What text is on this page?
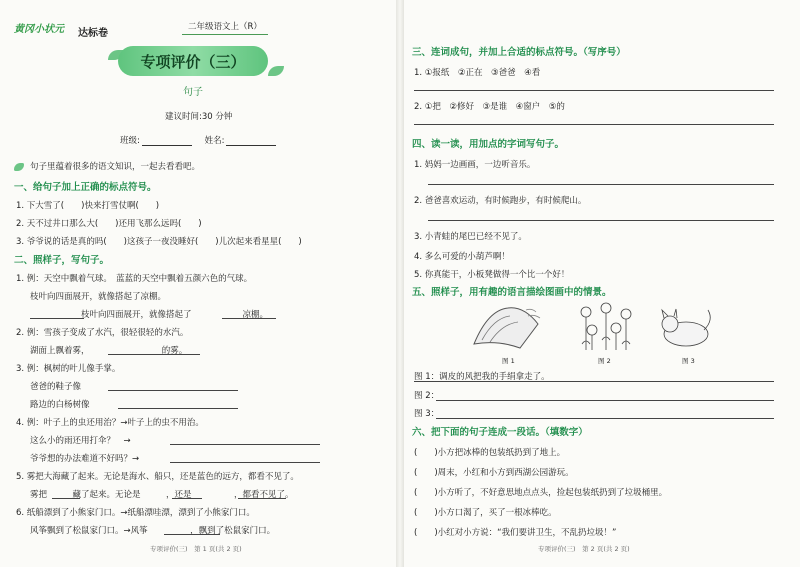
黄冈小状元 达标卷
二年级语文上（R）
专项评价（三）
句子
建议时间:30 分钟
班级:	姓名:
句子里蕴着很多的语文知识，一起去看看吧。
一、给句子加上正确的标点符号。
1. 下大雪了(　　)快来打雪仗啊(　　)
2. 天不过井口那么大(　　)还用飞那么远吗(　　)
3. 爷爷说的话是真的吗(　　)这孩子一夜没睡好(　　)儿次起来看星星(　　)
二、照样子，写句子。
1. 例：天空中飘着气球。　蓝蓝的天空中飘着五颜六色的气球。
枝叶向四面展开，就像搭起了凉棚。
　　　　　　枝叶向四面展开，就像搭起了　　　　　　凉棚。
2. 例：雪孩子变成了水汽，很轻很轻的水汽。
湖面上飘着雾，　　　　　　　　　的雾。
3. 例：枫树的叶儿像手掌。
爸爸的鞋子像
路边的白杨树像
4. 例：叶子上的虫还用治？→叶子上的虫不用治。
这么小的雨还用打伞？　→
爷爷想的办法难道不好吗？→
5. 雾把大海藏了起来。无论是海水、船只，还是蓝色的远方，都看不见了。
雾把　　　藏了起来。无论是　　　，还是　　　　　，都看不见了。
6. 纸船漂到了小熊家门口。→纸船漂哇漂，漂到了小熊家门口。
风筝飘到了松鼠家门口。→风筝　　　　　，飘到了松鼠家门口。
专项评价(三)　第 1 页(共 2 页)
三、连词成句，并加上合适的标点符号。（写序号）
1. ①报纸　②正在　③爸爸　④看
2. ①把　②修好　③是谁　④窗户　⑤的
四、读一读，用加点的字词写句子。
1. 妈妈一边画画，一边听音乐。
2. 爸爸喜欢运动，有时候跑步，有时候爬山。
3. 小青蛙的尾巴已经不见了。
4. 多么可爱的小葫芦啊！
5. 你真能干，小板凳做得一个比一个好！
五、照样子，用有趣的语言描绘图画中的情景。
图 1	图 2	图 3
图 1：调皮的风把我的手绢拿走了。
图 2：
图 3：
六、把下面的句子连成一段话。（填数字）
(　　)小方把冰棒的包装纸扔到了地上。
(　　)周末，小红和小方到西湖公园游玩。
(　　)小方听了，不好意思地点点头，捡起包装纸扔到了垃圾桶里。
(　　)小方口渴了，买了一根冰棒吃。
(　　)小红对小方说：“我们要讲卫生，不乱扔垃圾！”
专项评价(三)　第 2 页(共 2 页)
